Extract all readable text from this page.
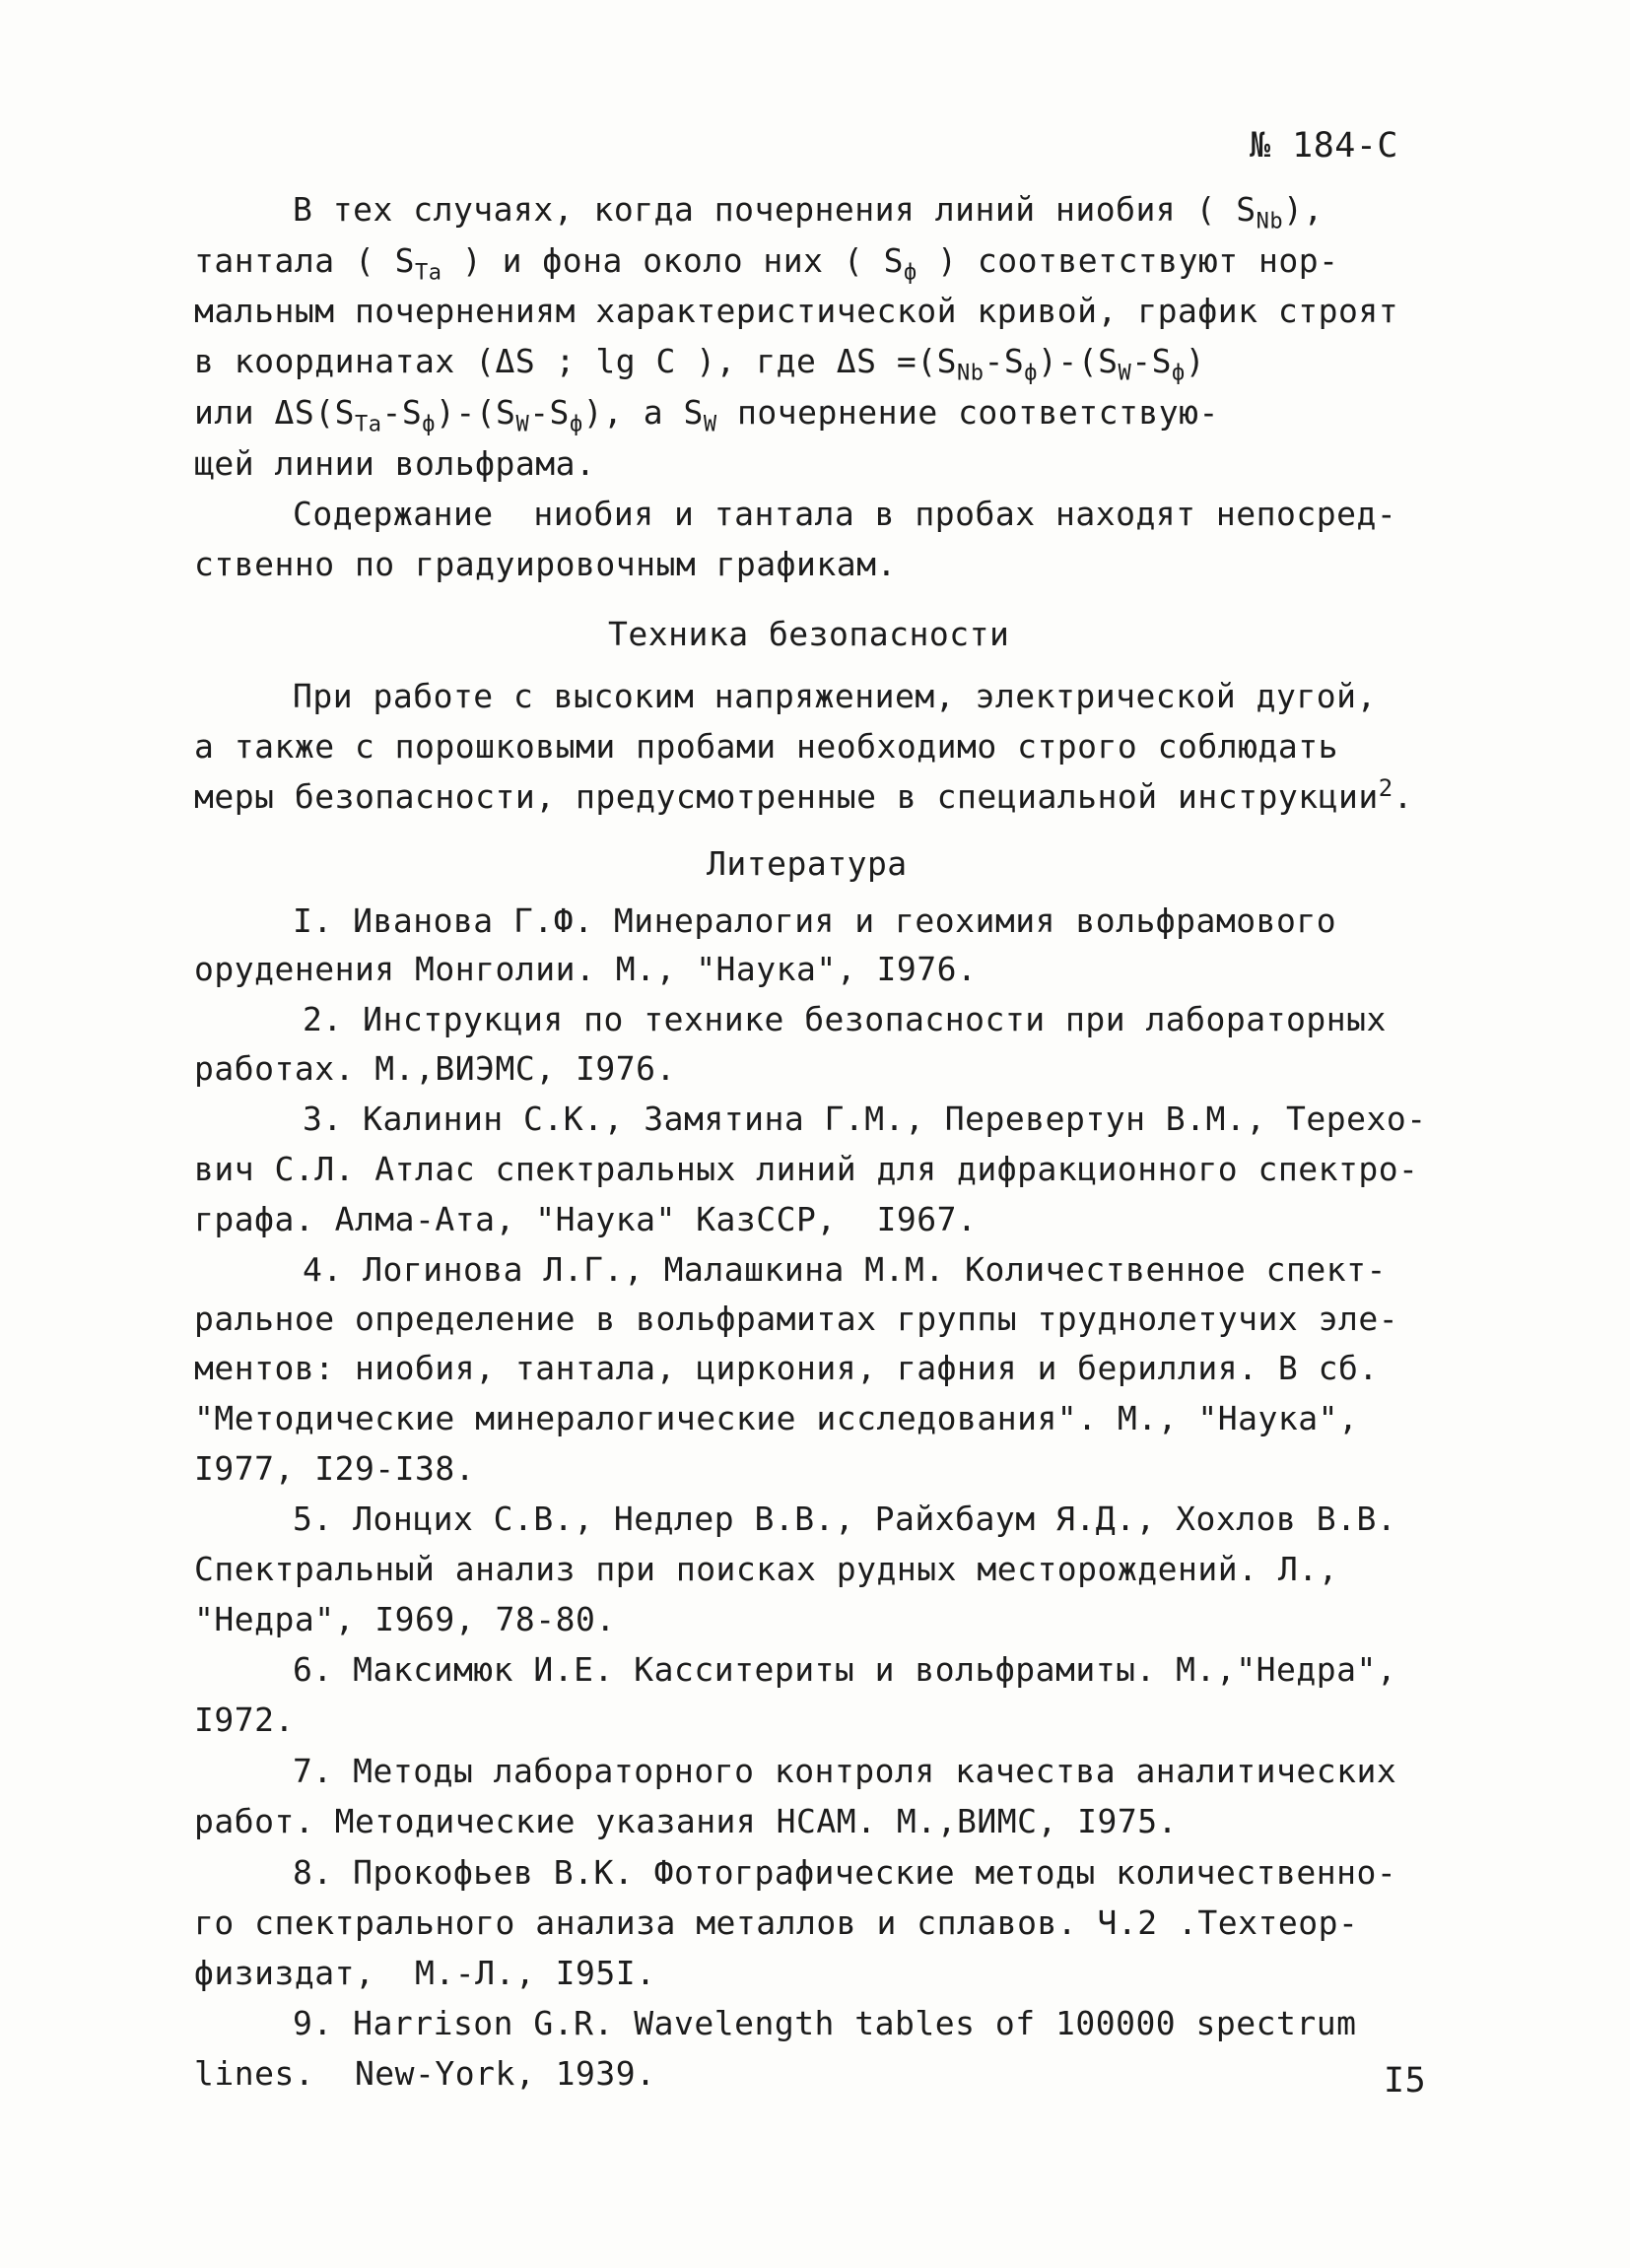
№ 184-С
В тех случаях, когда почернения линий ниобия ( $S_{Nb}$),
тантала ( $S_{Ta}$ ) и фона около них ( $S_ф$ ) соответствуют нор-
мальным почернениям характеристической кривой, график строят
в координатах (ΔS ; lg C ), где $\Delta S =(S_{Nb}-S_ф)-(S_W-S_ф)$
или $\Delta S(S_{Ta}-S_ф)-(S_W-S_ф)$, а $S_W$ почернение соответствую-
щей линии вольфрама.
Содержание  ниобия и тантала в пробах находят непосред-
ственно по градуировочным графикам.
Техника безопасности
При работе с высоким напряжением, электрической дугой,
а также с порошковыми пробами необходимо строго соблюдать
меры безопасности, предусмотренные в специальной инструкции$^2$.
Литература
I. Иванова Г.Ф. Минералогия и геохимия вольфрамового
оруденения Монголии. М., "Наука", I976.
2. Инструкция по технике безопасности при лабораторных
работах. М.,ВИЭМС, I976.
3. Калинин С.К., Замятина Г.М., Перевертун В.М., Терехо-
вич С.Л. Атлас спектральных линий для дифракционного спектро-
графа. Алма-Ата, "Наука" КазССР,  I967.
4. Логинова Л.Г., Малашкина М.М. Количественное спект-
ральное определение в вольфрамитах группы труднолетучих эле-
ментов: ниобия, тантала, циркония, гафния и бериллия. В сб.
"Методические минералогические исследования". М., "Наука",
I977, I29-I38.
5. Лонцих С.В., Недлер В.В., Райхбаум Я.Д., Хохлов В.В.
Спектральный анализ при поисках рудных месторождений. Л.,
"Недра", I969, 78-80.
6. Максимюк И.Е. Касситериты и вольфрамиты. М.,"Недра",
I972.
7. Методы лабораторного контроля качества аналитических
работ. Методические указания НСАМ. М.,ВИМС, I975.
8. Прокофьев В.К. Фотографические методы количественно-
го спектрального анализа металлов и сплавов. Ч.2 .Техтеор-
физиздат,  М.-Л., I95I.
9. Harrison G.R. Wavelength tables of 100000 spectrum
lines.  New-York, 1939.	I5
